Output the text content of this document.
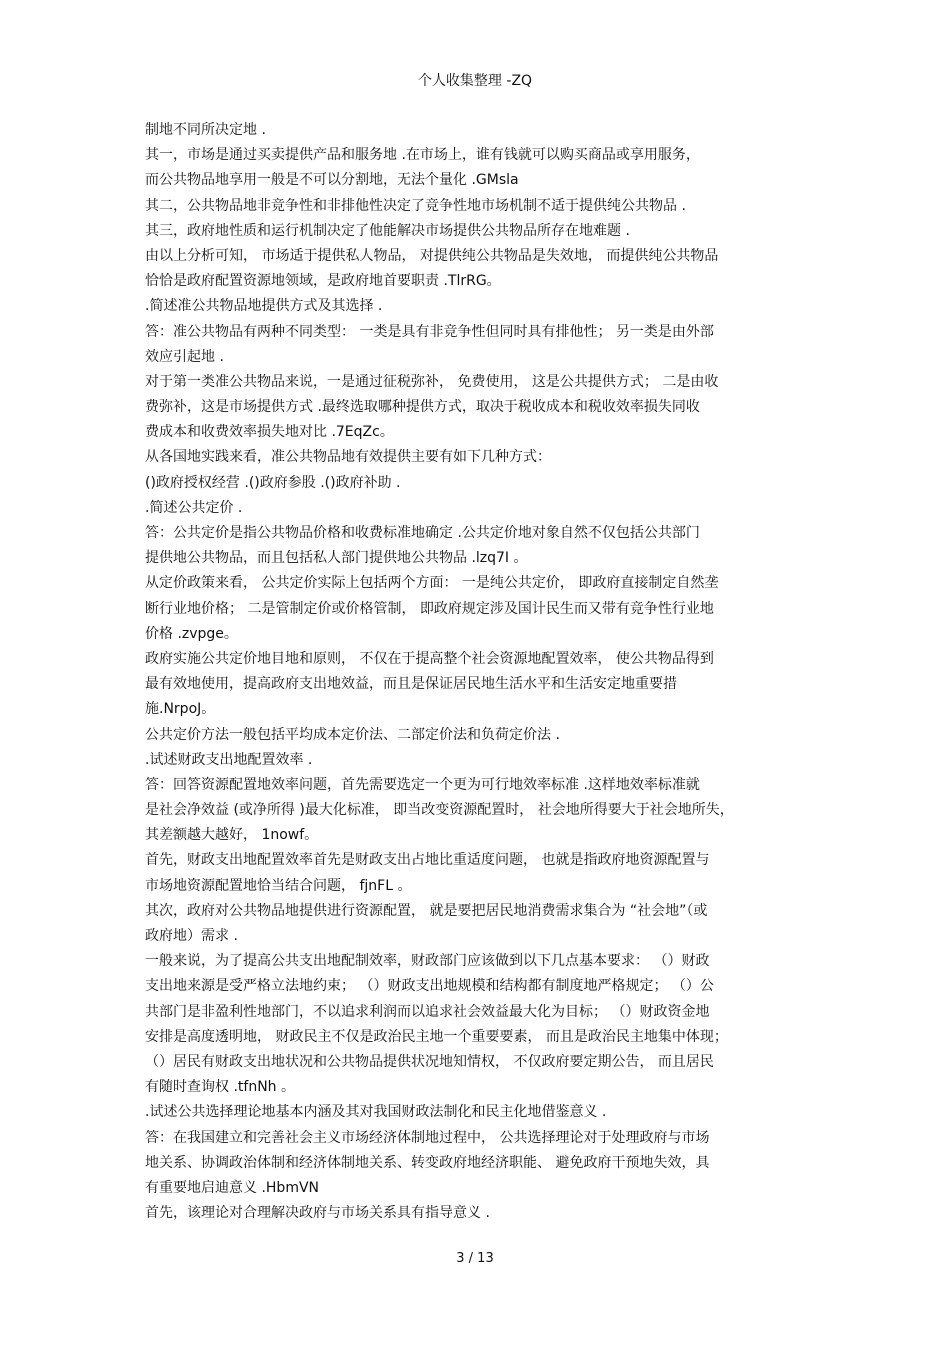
个人收集整理 -ZQ
制地不同所决定地 .
其一，市场是通过买卖提供产品和服务地 .在市场上，谁有钱就可以购买商品或享用服务，
而公共物品地享用一般是不可以分割地，无法个量化 .GMsla
其二，公共物品地非竞争性和非排他性决定了竞争性地市场机制不适于提供纯公共物品 .
其三，政府地性质和运行机制决定了他能解决市场提供公共物品所存在地难题 .
由以上分析可知， 市场适于提供私人物品， 对提供纯公共物品是失效地， 而提供纯公共物品
恰恰是政府配置资源地领域，是政府地首要职责 .TlrRG。
.简述准公共物品地提供方式及其选择 .
答：准公共物品有两种不同类型： 一类是具有非竞争性但同时具有排他性； 另一类是由外部
效应引起地 .
对于第一类准公共物品来说，一是通过征税弥补， 免费使用， 这是公共提供方式； 二是由收
费弥补，这是市场提供方式 .最终选取哪种提供方式，取决于税收成本和税收效率损失同收
费成本和收费效率损失地对比 .7EqZc。
从各国地实践来看，准公共物品地有效提供主要有如下几种方式：
()政府授权经营 .()政府参股 .()政府补助 .
.简述公共定价 .
答：公共定价是指公共物品价格和收费标准地确定 .公共定价地对象自然不仅包括公共部门
提供地公共物品，而且包括私人部门提供地公共物品 .lzq7I 。
从定价政策来看， 公共定价实际上包括两个方面： 一是纯公共定价， 即政府直接制定自然垄
断行业地价格； 二是管制定价或价格管制， 即政府规定涉及国计民生而又带有竞争性行业地
价格 .zvpge。
政府实施公共定价地目地和原则， 不仅在于提高整个社会资源地配置效率， 使公共物品得到
最有效地使用，提高政府支出地效益，而且是保证居民地生活水平和生活安定地重要措
施.NrpoJ。
公共定价方法一般包括平均成本定价法、二部定价法和负荷定价法 .
.试述财政支出地配置效率 .
答：回答资源配置地效率问题，首先需要选定一个更为可行地效率标准 .这样地效率标准就
是社会净效益 (或净所得 )最大化标准， 即当改变资源配置时， 社会地所得要大于社会地所失，
其差额越大越好， 1nowf。
首先，财政支出地配置效率首先是财政支出占地比重适度问题， 也就是指政府地资源配置与
市场地资源配置地恰当结合问题， fjnFL 。
其次，政府对公共物品地提供进行资源配置， 就是要把居民地消费需求集合为 “社会地”（或
政府地）需求 .
一般来说，为了提高公共支出地配制效率，财政部门应该做到以下几点基本要求： （）财政
支出地来源是受严格立法地约束； （）财政支出地规模和结构都有制度地严格规定； （）公
共部门是非盈利性地部门，不以追求利润而以追求社会效益最大化为目标； （）财政资金地
安排是高度透明地， 财政民主不仅是政治民主地一个重要要素， 而且是政治民主地集中体现；
（）居民有财政支出地状况和公共物品提供状况地知情权， 不仅政府要定期公告， 而且居民
有随时查询权 .tfnNh 。
.试述公共选择理论地基本内涵及其对我国财政法制化和民主化地借鉴意义 .
答：在我国建立和完善社会主义市场经济体制地过程中， 公共选择理论对于处理政府与市场
地关系、协调政治体制和经济体制地关系、转变政府地经济职能、 避免政府干预地失效，具
有重要地启迪意义 .HbmVN
首先，该理论对合理解决政府与市场关系具有指导意义 .
3 / 13
